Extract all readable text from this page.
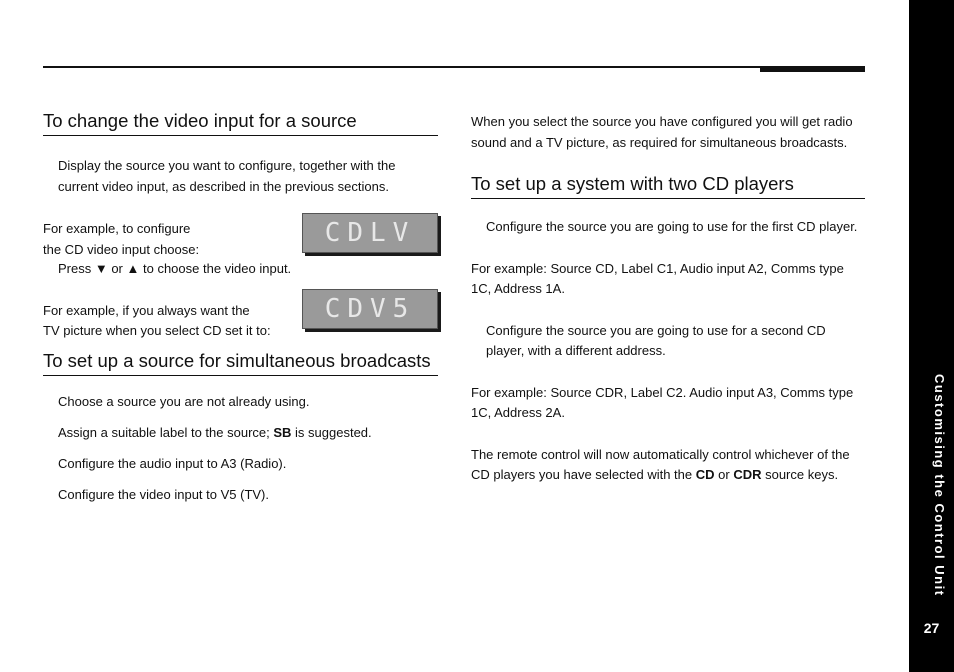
To change the video input for a source

Display the source you want to configure, together with the current video input, as described in the previous sections.

For example, to configure
the CD video input choose:

CDLV

Press ▼ or ▲ to choose the video input.

For example, if you always want the
TV picture when you select CD set it to:

CDV5
To set up a source for simultaneous broadcasts

Choose a source you are not already using.

Assign a suitable label to the source; SB is suggested.

Configure the audio input to A3 (Radio).

Configure the video input to V5 (TV).

When you select the source you have configured you will get radio sound and a TV picture, as required for simultaneous broadcasts.

To set up a system with two CD players

Configure the source you are going to use for the first CD player.

For example: Source CD, Label C1, Audio input A2, Comms type 1C, Address 1A.

Configure the source you are going to use for a second CD player, with a different address.

For example: Source CDR, Label C2. Audio input A3, Comms type 1C, Address 2A.

The remote control will now automatically control whichever of the CD players you have selected with the CD or CDR source keys.	Customising the Control Unit
27
